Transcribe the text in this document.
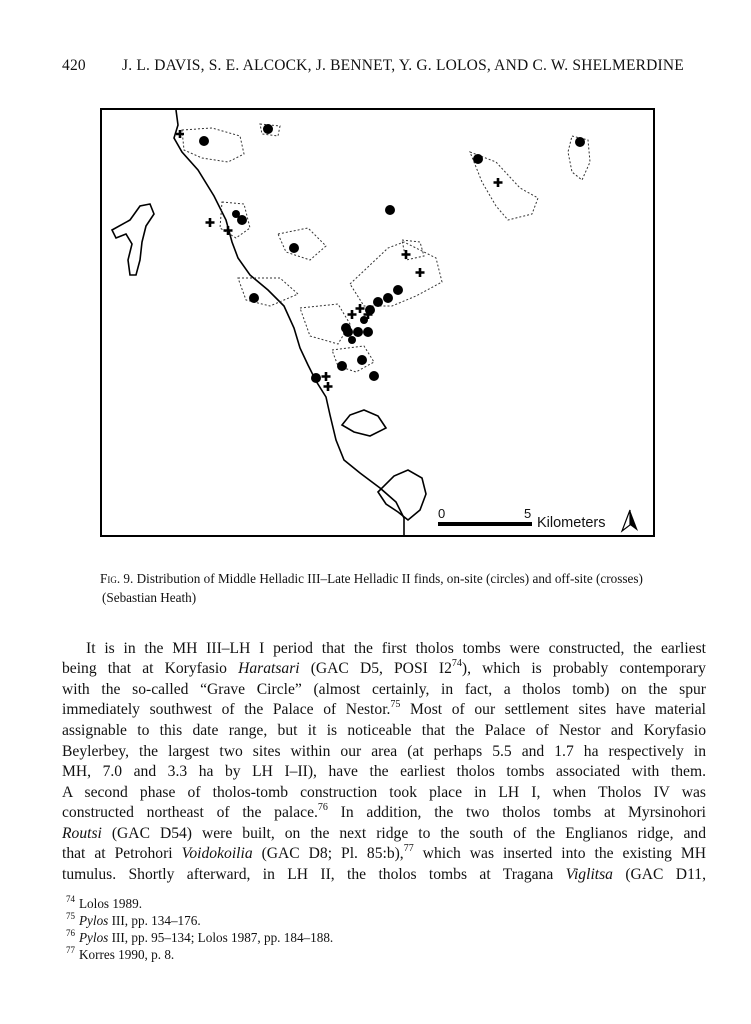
420 J. L. DAVIS, S. E. ALCOCK, J. BENNET, Y. G. LOLOS, AND C. W. SHELMERDINE
0	5
Kilometers
Fig. 9. Distribution of Middle Helladic III–Late Helladic II finds, on-site (circles) and off-site (crosses)
(Sebastian Heath)
It is in the MH III–LH I period that the first tholos tombs were constructed, the earliest
being that at Koryfasio Haratsari (GAC D5, POSI $I2^{74}$), which is probably contemporary
with the so-called “Grave Circle” (almost certainly, in fact, a tholos tomb) on the spur
immediately southwest of the Palace of Nestor.$^{75}$ Most of our settlement sites have material
assignable to this date range, but it is noticeable that the Palace of Nestor and Koryfasio
Beylerbey, the largest two sites within our area (at perhaps 5.5 and 1.7 ha respectively in
MH, 7.0 and 3.3 ha by LH I–II), have the earliest tholos tombs associated with them.
A second phase of tholos-tomb construction took place in LH I, when Tholos IV was
constructed northeast of the palace.$^{76}$ In addition, the two tholos tombs at Myrsinohori
Routsi (GAC D54) were built, on the next ridge to the south of the Englianos ridge, and
that at Petrohori Voidokoilia (GAC D8; Pl. 85:b),$^{77}$ which was inserted into the existing MH
tumulus. Shortly afterward, in LH II, the tholos tombs at Tragana Viglitsa (GAC D11,
$^{74}$ Lolos 1989.
$^{75}$ Pylos III, pp. 134–176.
$^{76}$ Pylos III, pp. 95–134; Lolos 1987, pp. 184–188.
$^{77}$ Korres 1990, p. 8.
